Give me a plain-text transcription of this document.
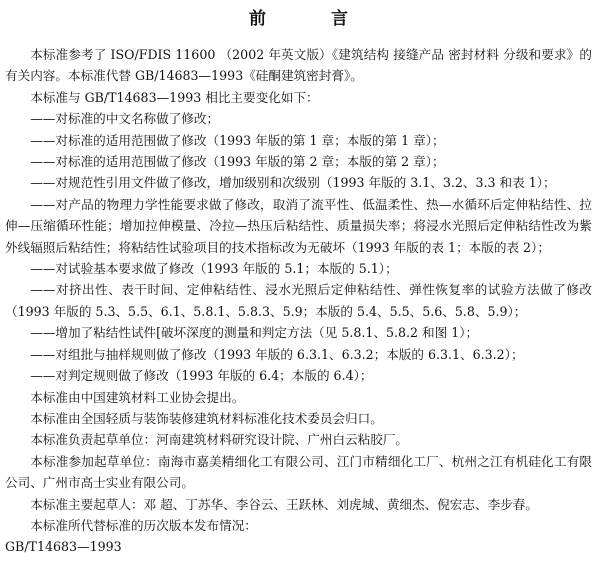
前　言

本标准参考了 ISO/FDIS 11600 （2002 年英文版）《建筑结构 接缝产品 密封材料 分级和要求》的有关内容。本标准代替 GB/14683—1993《硅酮建筑密封膏》。

本标准与 GB/T14683—1993 相比主要变化如下：

——对标准的中文名称做了修改；

——对标准的适用范围做了修改（1993 年版的第 1 章；本版的第 1 章）；

——对标准的适用范围做了修改（1993 年版的第 2 章；本版的第 2 章）；

——对规范性引用文件做了修改，增加级别和次级别（1993 年版的 3.1、3.2、3.3 和表 1）；

——对产品的物理力学性能要求做了修改，取消了流平性、低温柔性、热—水循环后定伸粘结性、拉伸—压缩循环性能；增加拉伸模量、冷拉—热压后粘结性、质量损失率；将浸水光照后定伸粘结性改为紫外线辐照后粘结性；将粘结性试验项目的技术指标改为无破坏（1993 年版的表 1；本版的表 2）；

——对试验基本要求做了修改（1993 年版的 5.1；本版的 5.1）；

——对挤出性、表干时间、定伸粘结性、浸水光照后定伸粘结性、弹性恢复率的试验方法做了修改（1993 年版的 5.3、5.5、6.1、5.8.1、5.8.3、5.9；本版的 5.4、5.5、5.6、5.8、5.9）；

——增加了粘结性试件[破坏深度的测量和判定方法（见 5.8.1、5.8.2 和图 1）；

——对组批与抽样规则做了修改（1993 年版的 6.3.1、6.3.2；本版的 6.3.1、6.3.2）；

——对判定规则做了修改（1993 年版的 6.4；本版的 6.4）；

本标准由中国建筑材料工业协会提出。

本标准由全国轻质与装饰装修建筑材料标准化技术委员会归口。

本标准负责起草单位：河南建筑材料研究设计院、广州白云粘胶厂。

本标准参加起草单位：南海市嘉美精细化工有限公司、江门市精细化工厂、杭州之江有机硅化工有限公司、广州市高士实业有限公司。

本标准主要起草人：邓 超、丁苏华、李谷云、王跃林、刘虎城、黄细杰、倪宏志、李步春。

本标准所代替标准的历次版本发布情况：

GB/T14683—1993
